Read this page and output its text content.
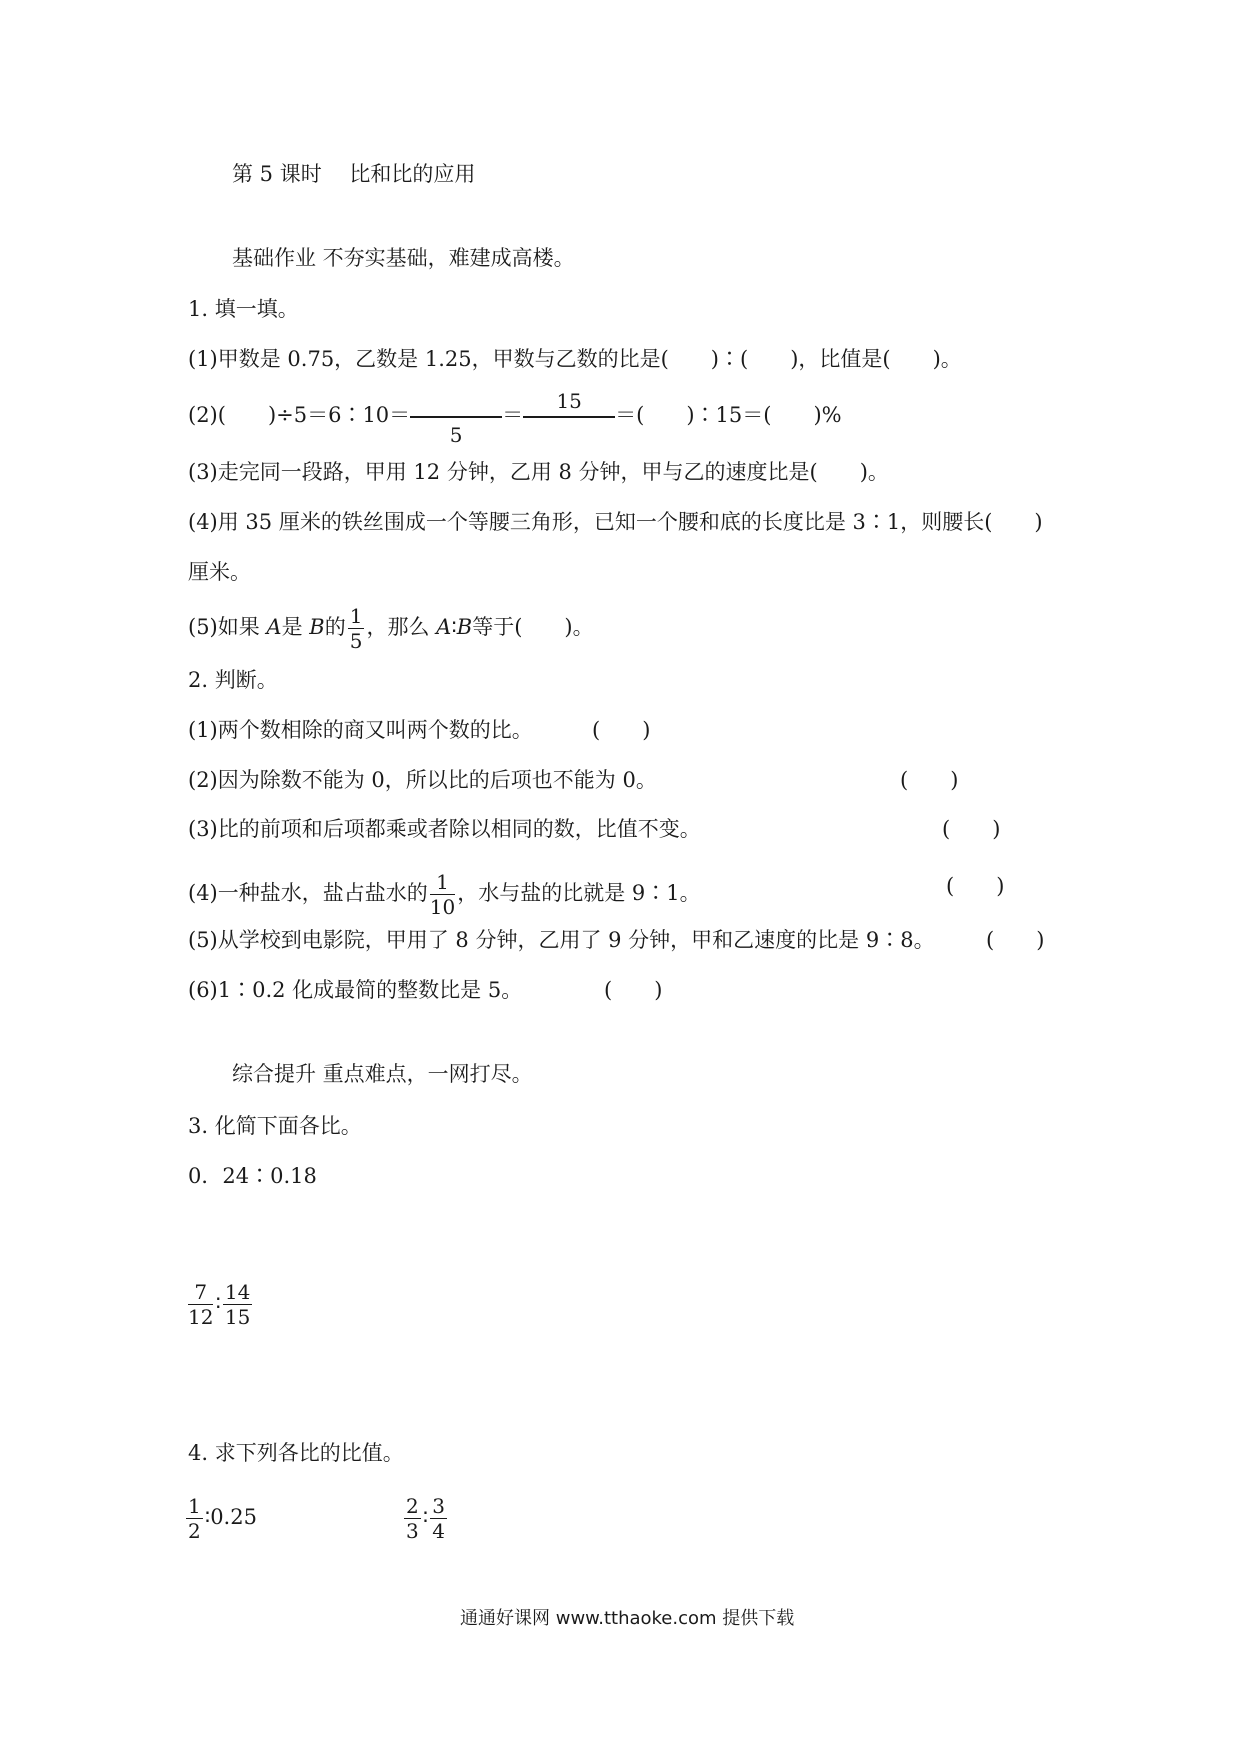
第 5 课时　 比和比的应用
基础作业 不夯实基础，难建成高楼。
1. 填一填。
(1)甲数是 0.75，乙数是 1.25，甲数与乙数的比是(　　)∶(　　)，比值是(　　)。
(2)(　　)÷5＝6∶10＝
5
＝
15
＝(　　)∶15＝(　　)%
(3)走完同一段路，甲用 12 分钟，乙用 8 分钟，甲与乙的速度比是(　　)。
(4)用 35 厘米的铁丝围成一个等腰三角形，已知一个腰和底的长度比是 3∶1，则腰长(　　)
厘米。
(5)如果 A是 B的 $\frac{1}{5}$ ，那么 A∶B等于(　　)。
2. 判断。
(1)两个数相除的商又叫两个数的比。	(　　)
(2)因为除数不能为 0，所以比的后项也不能为 0。	(　　)
(3)比的前项和后项都乘或者除以相同的数，比值不变。	(　　)
(4)一种盐水，盐占盐水的 $\frac{1}{10}$ ，水与盐的比就是 9∶1。	(　　)
(5)从学校到电影院，甲用了 8 分钟，乙用了 9 分钟，甲和乙速度的比是 9∶8。 (　　)
(6)1∶0.2 化成最简的整数比是 5。	(　　)
综合提升 重点难点，一网打尽。
3. 化简下面各比。
0．24∶0.18
$\frac{7}{12}$ ∶ $\frac{14}{15}$
4. 求下列各比的比值。
$\frac{1}{2}$ ∶0.25	$\frac{2}{3}$ ∶ $\frac{3}{4}$
通通好课网 www.tthaoke.com 提供下载
